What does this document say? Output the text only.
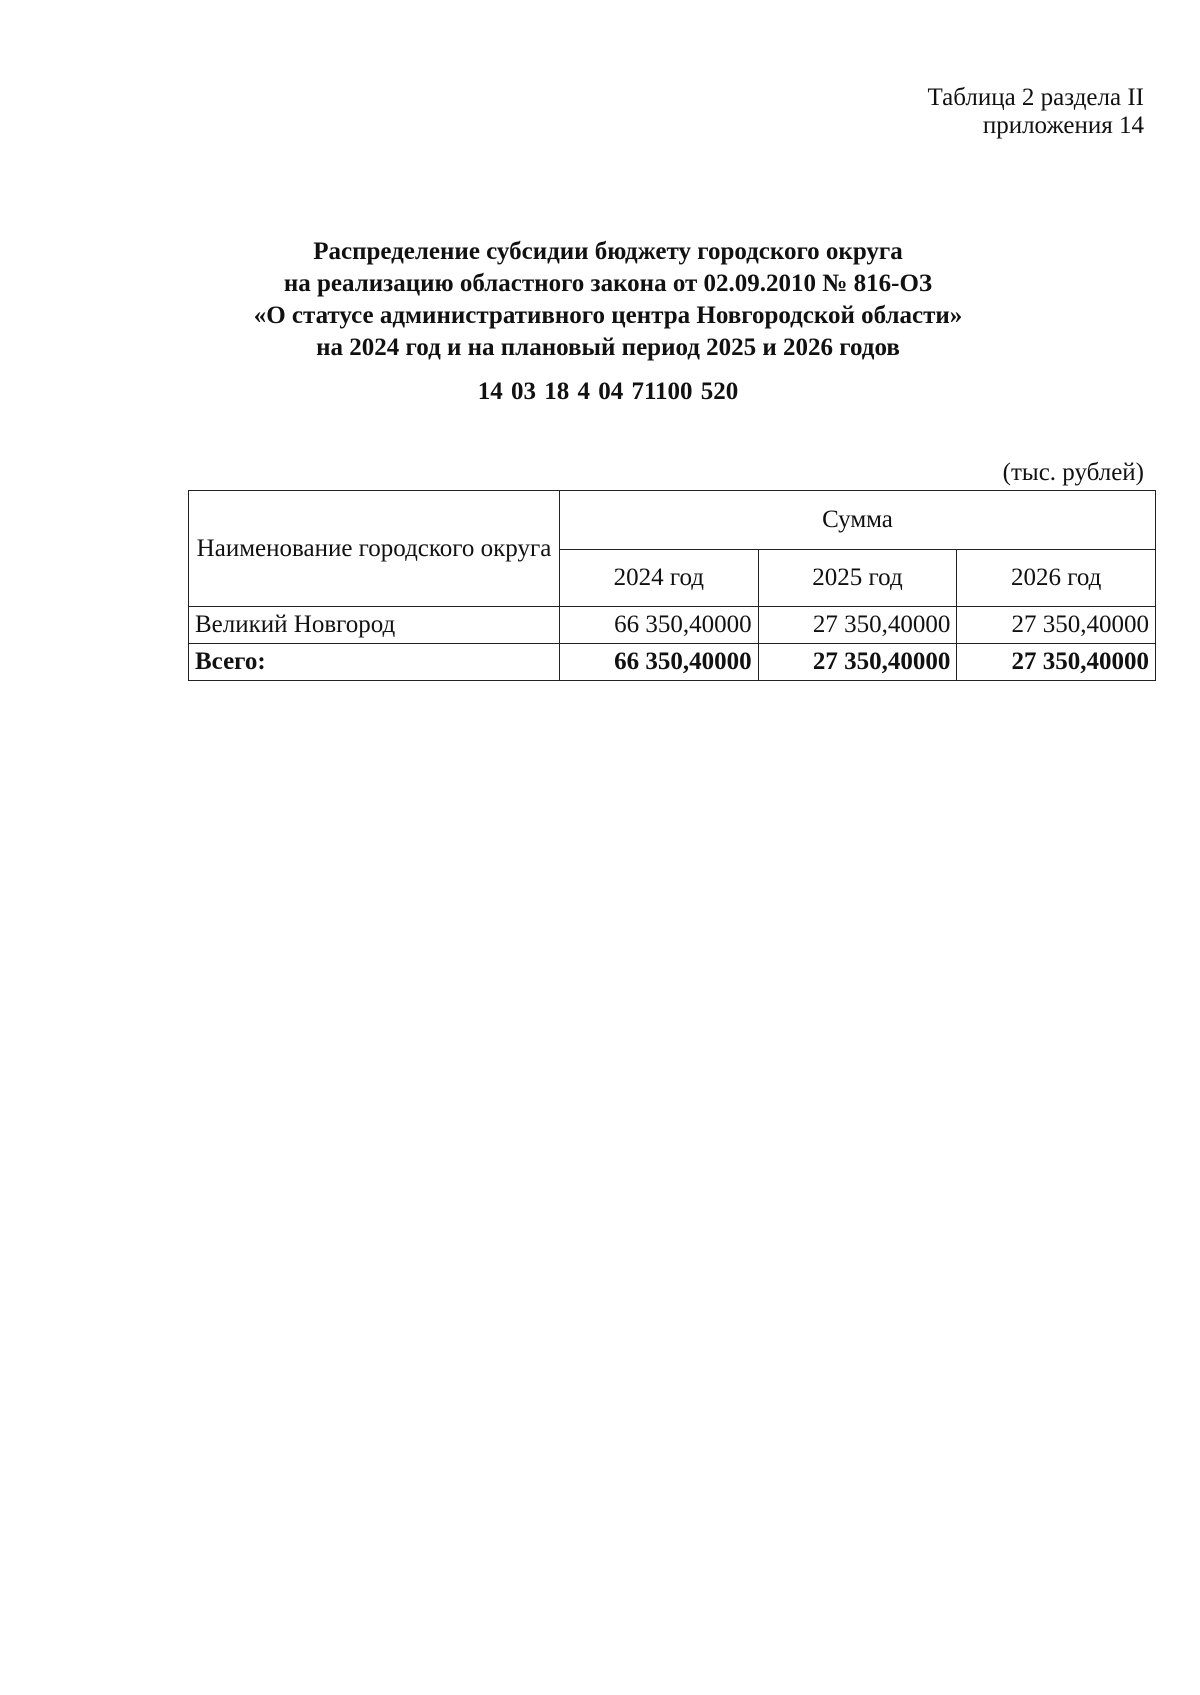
Таблица 2 раздела II
приложения 14
Распределение субсидии бюджету городского округа
на реализацию областного закона от 02.09.2010 № 816-ОЗ
«О статусе административного центра Новгородской области»
на 2024 год и на плановый период 2025 и 2026 годов
14 03 18 4 04 71100 520
(тыс. рублей)
Наименование городского округа	Сумма		
	2024 год	2025 год	2026 год
Великий Новгород	66 350,40000	27 350,40000	27 350,40000
Всего:	66 350,40000	27 350,40000	27 350,40000
